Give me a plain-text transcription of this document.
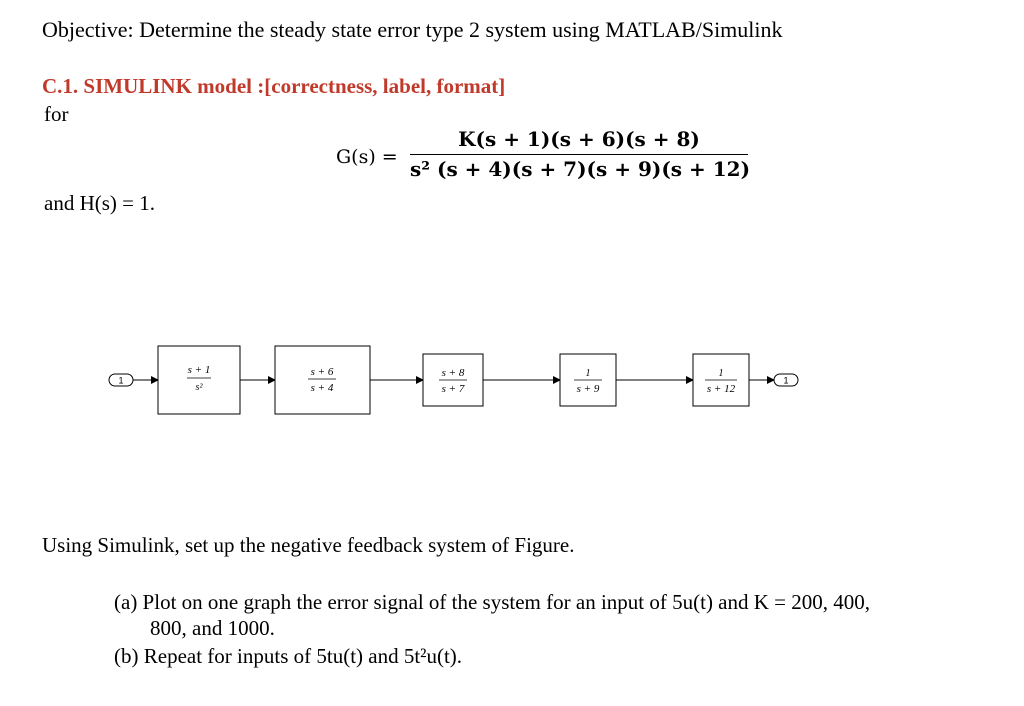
Objective: Determine the steady state error type 2 system using MATLAB/Simulink
C.1. SIMULINK model :[correctness, label, format]
for
G(s) =
K(s + 1)(s + 6)(s + 8)
s² (s + 4)(s + 7)(s + 9)(s + 12)
and H(s) = 1.
1
s + 1
s²
s + 6
s + 4
s + 8
s + 7
1
s + 9
1
s + 12
1
Using Simulink, set up the negative feedback system of Figure.
(a) Plot on one graph the error signal of the system for an input of 5u(t) and K = 200, 400,
800, and 1000.
(b) Repeat for inputs of 5tu(t) and 5t²u(t).
